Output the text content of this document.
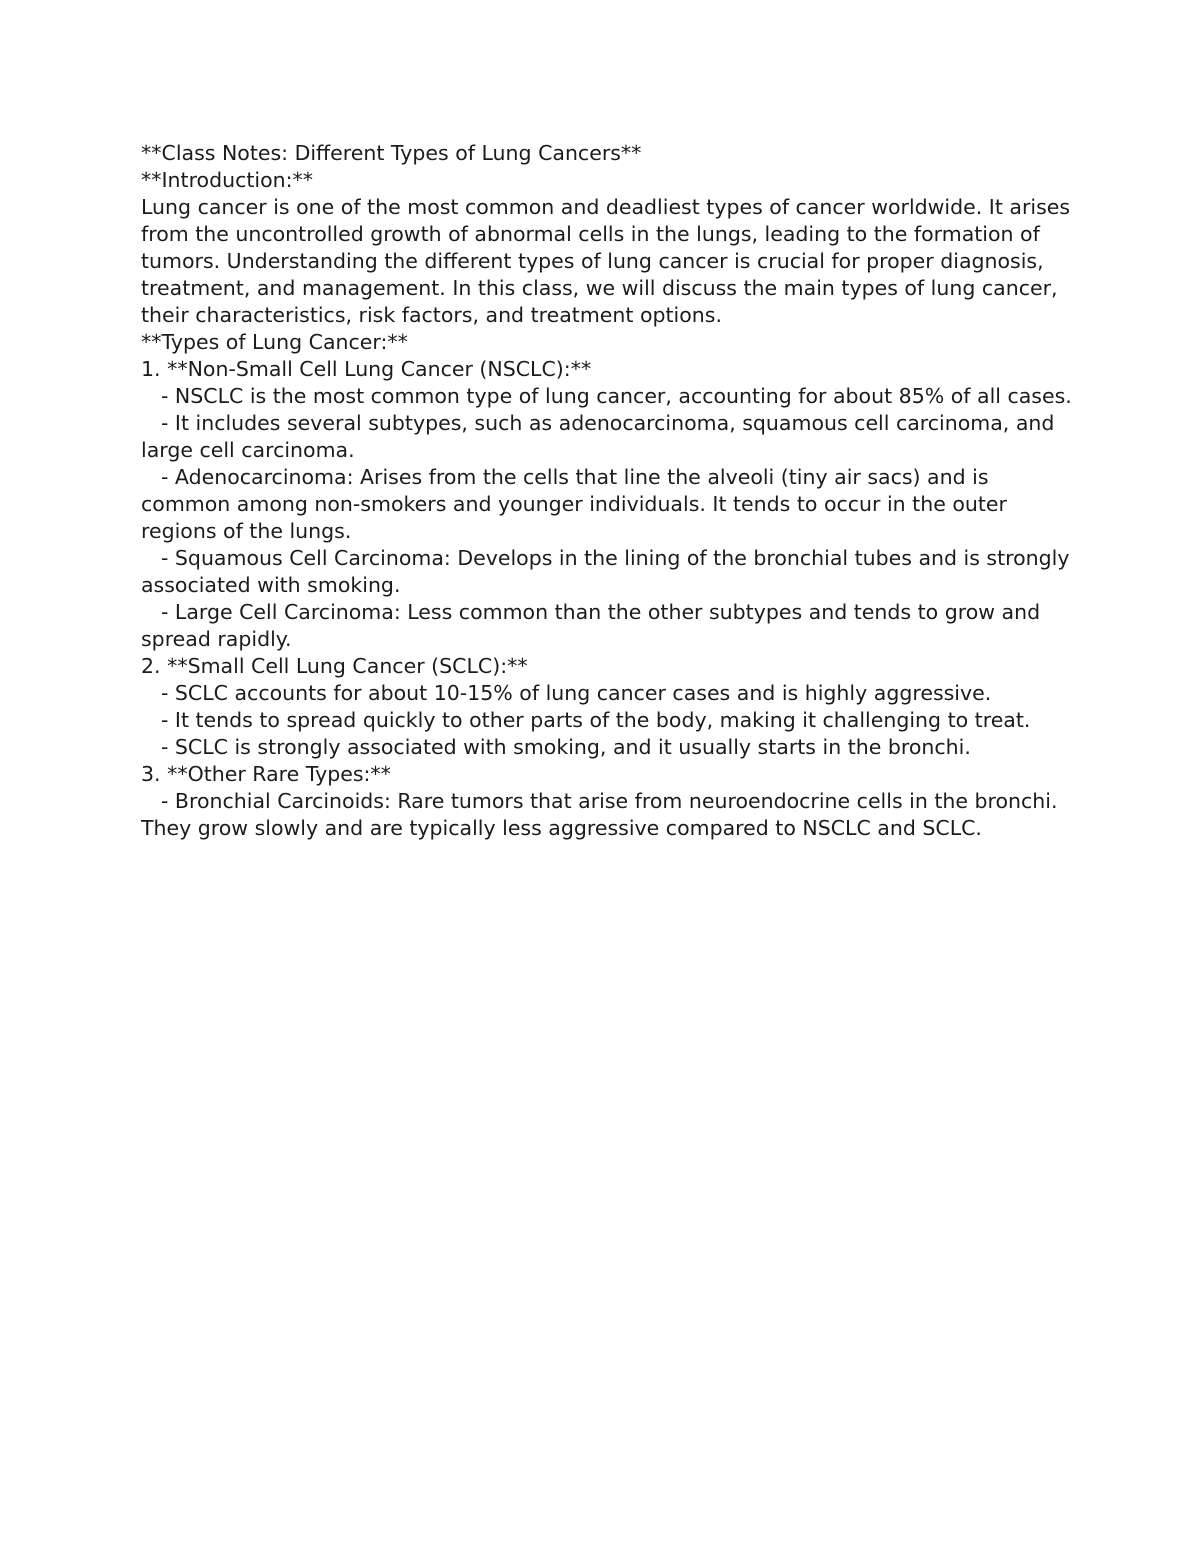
**Class Notes: Different Types of Lung Cancers**

**Introduction:**

Lung cancer is one of the most common and deadliest types of cancer worldwide. It arises from the uncontrolled growth of abnormal cells in the lungs, leading to the formation of tumors. Understanding the different types of lung cancer is crucial for proper diagnosis, treatment, and management. In this class, we will discuss the main types of lung cancer, their characteristics, risk factors, and treatment options.

**Types of Lung Cancer:**

1. **Non-Small Cell Lung Cancer (NSCLC):**

- NSCLC is the most common type of lung cancer, accounting for about 85% of all cases.

- It includes several subtypes, such as adenocarcinoma, squamous cell carcinoma, and large cell carcinoma.

- Adenocarcinoma: Arises from the cells that line the alveoli (tiny air sacs) and is common among non-smokers and younger individuals. It tends to occur in the outer regions of the lungs.

- Squamous Cell Carcinoma: Develops in the lining of the bronchial tubes and is strongly associated with smoking.

- Large Cell Carcinoma: Less common than the other subtypes and tends to grow and spread rapidly.

2. **Small Cell Lung Cancer (SCLC):**

- SCLC accounts for about 10-15% of lung cancer cases and is highly aggressive.

- It tends to spread quickly to other parts of the body, making it challenging to treat.

- SCLC is strongly associated with smoking, and it usually starts in the bronchi.

3. **Other Rare Types:**

- Bronchial Carcinoids: Rare tumors that arise from neuroendocrine cells in the bronchi. They grow slowly and are typically less aggressive compared to NSCLC and SCLC.
